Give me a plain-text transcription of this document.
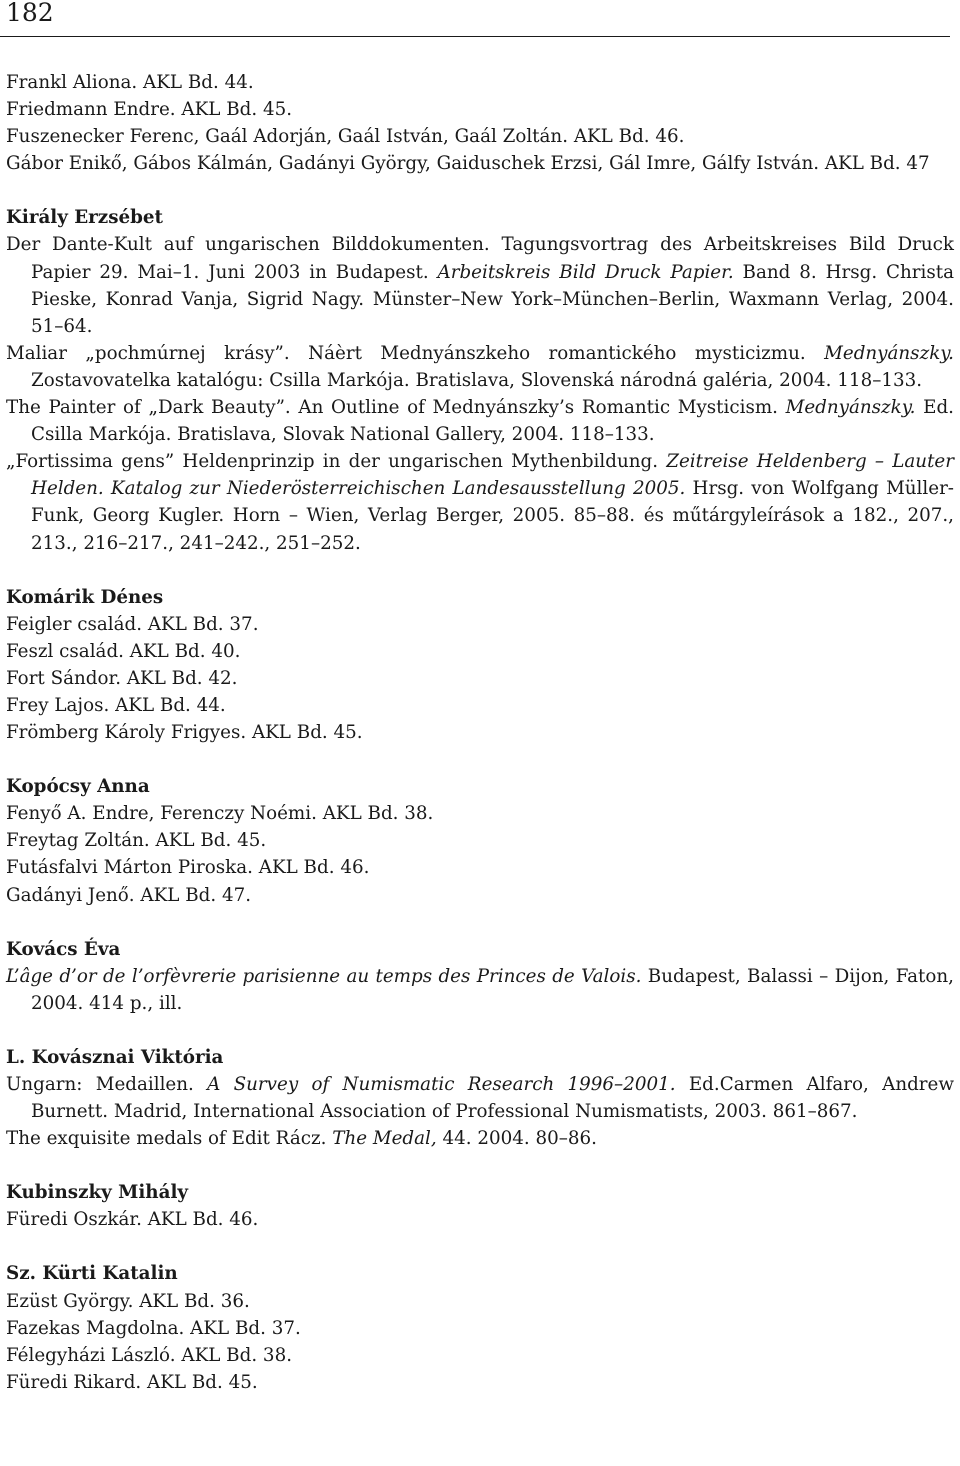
182

Frankl Aliona. AKL Bd. 44.

Friedmann Endre. AKL Bd. 45.

Fuszenecker Ferenc, Gaál Adorján, Gaál István, Gaál Zoltán. AKL Bd. 46.

Gábor Enikő, Gábos Kálmán, Gadányi György, Gaiduschek Erzsi, Gál Imre, Gálfy István. AKL Bd. 47

Király Erzsébet

Der Dante-Kult auf ungarischen Bilddokumenten. Tagungsvortrag des Arbeitskreises Bild Druck Papier 29. Mai–1. Juni 2003 in Budapest. Arbeitskreis Bild Druck Papier. Band 8. Hrsg. Christa Pieske, Konrad Vanja, Sigrid Nagy. Münster–New York–München–Berlin, Waxmann Verlag, 2004. 51–64.

Maliar „pochmúrnej krásy”. Náèrt Mednyánszkeho romantického mysticizmu. Mednyánszky. Zostavovatelka katalógu: Csilla Markója. Bratislava, Slovenská národná galéria, 2004. 118–133.

The Painter of „Dark Beauty”. An Outline of Mednyánszky’s Romantic Mysticism. Mednyánszky. Ed. Csilla Markója. Bratislava, Slovak National Gallery, 2004. 118–133.

„Fortissima gens” Heldenprinzip in der ungarischen Mythenbildung. Zeitreise Heldenberg – Lauter Helden. Katalog zur Niederösterreichischen Landesausstellung 2005. Hrsg. von Wolfgang Müller-Funk, Georg Kugler. Horn – Wien, Verlag Berger, 2005. 85–88. és műtárgyleírások a 182., 207., 213., 216–217., 241–242., 251–252.

Komárik Dénes

Feigler család. AKL Bd. 37.

Feszl család. AKL Bd. 40.

Fort Sándor. AKL Bd. 42.

Frey Lajos. AKL Bd. 44.

Frömberg Károly Frigyes. AKL Bd. 45.

Kopócsy Anna

Fenyő A. Endre, Ferenczy Noémi. AKL Bd. 38.

Freytag Zoltán. AKL Bd. 45.

Futásfalvi Márton Piroska. AKL Bd. 46.

Gadányi Jenő. AKL Bd. 47.

Kovács Éva

L’âge d’or de l’orfèvrerie parisienne au temps des Princes de Valois. Budapest, Balassi – Dijon, Faton, 2004. 414 p., ill.

L. Kovásznai Viktória

Ungarn: Medaillen. A Survey of Numismatic Research 1996–2001. Ed.Carmen Alfaro, Andrew Burnett. Madrid, International Association of Professional Numismatists, 2003. 861–867.

The exquisite medals of Edit Rácz. The Medal, 44. 2004. 80–86.

Kubinszky Mihály

Füredi Oszkár. AKL Bd. 46.

Sz. Kürti Katalin

Ezüst György. AKL Bd. 36.

Fazekas Magdolna. AKL Bd. 37.

Félegyházi László. AKL Bd. 38.

Füredi Rikard. AKL Bd. 45.
